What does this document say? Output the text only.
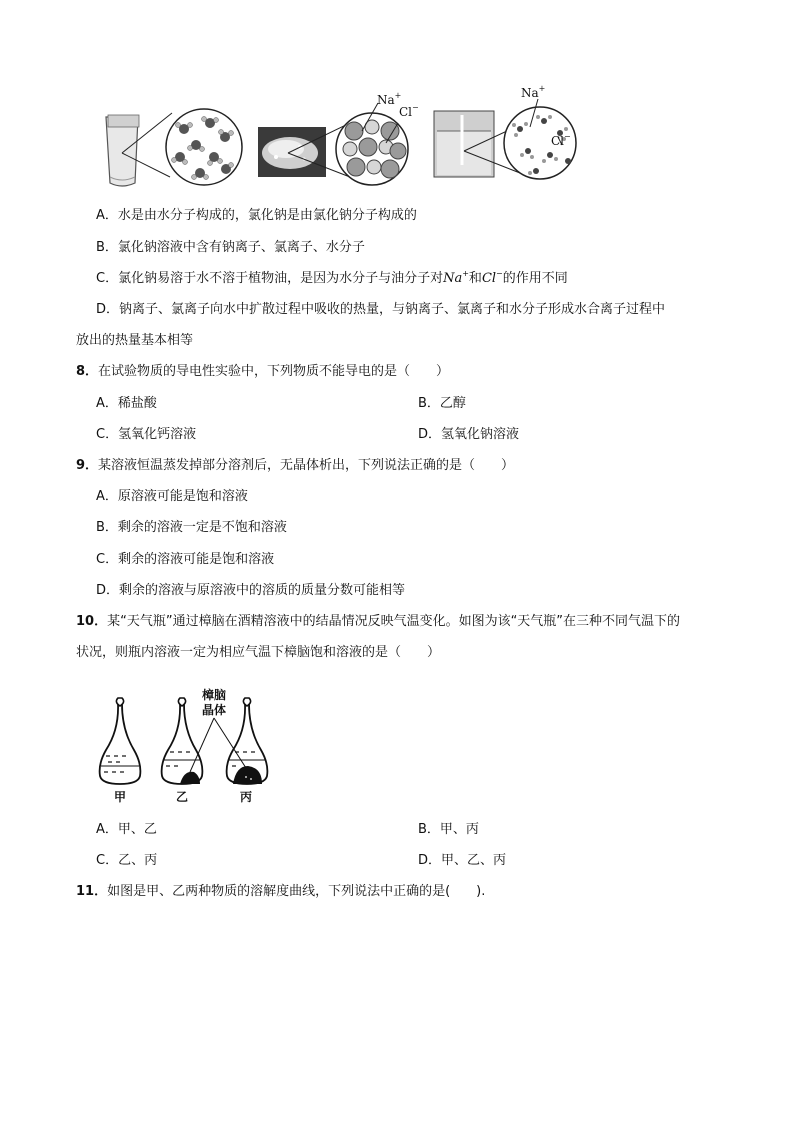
Na+
Cl−
Na+
Cl−
A．水是由水分子构成的，氯化钠是由氯化钠分子构成的
B．氯化钠溶液中含有钠离子、氯离子、水分子
C．氯化钠易溶于水不溶于植物油，是因为水分子与油分子对Na+和Cl−的作用不同
D．钠离子、氯离子向水中扩散过程中吸收的热量，与钠离子、氯离子和水分子形成水合离子过程中
放出的热量基本相等
8．在试验物质的导电性实验中，下列物质不能导电的是（　　）
A．稀盐酸	B．乙醇
C．氢氧化钙溶液	D．氢氧化钠溶液
9．某溶液恒温蒸发掉部分溶剂后，无晶体析出，下列说法正确的是（　　）
A．原溶液可能是饱和溶液
B．剩余的溶液一定是不饱和溶液
C．剩余的溶液可能是饱和溶液
D．剩余的溶液与原溶液中的溶质的质量分数可能相等
10．某“天气瓶”通过樟脑在酒精溶液中的结晶情况反映气温变化。如图为该“天气瓶”在三种不同气温下的
状况，则瓶内溶液一定为相应气温下樟脑饱和溶液的是（　　）
樟脑
晶体
甲	乙	丙
A．甲、乙	B．甲、丙
C．乙、丙	D．甲、乙、丙
11．如图是甲、乙两种物质的溶解度曲线，下列说法中正确的是(　　).
